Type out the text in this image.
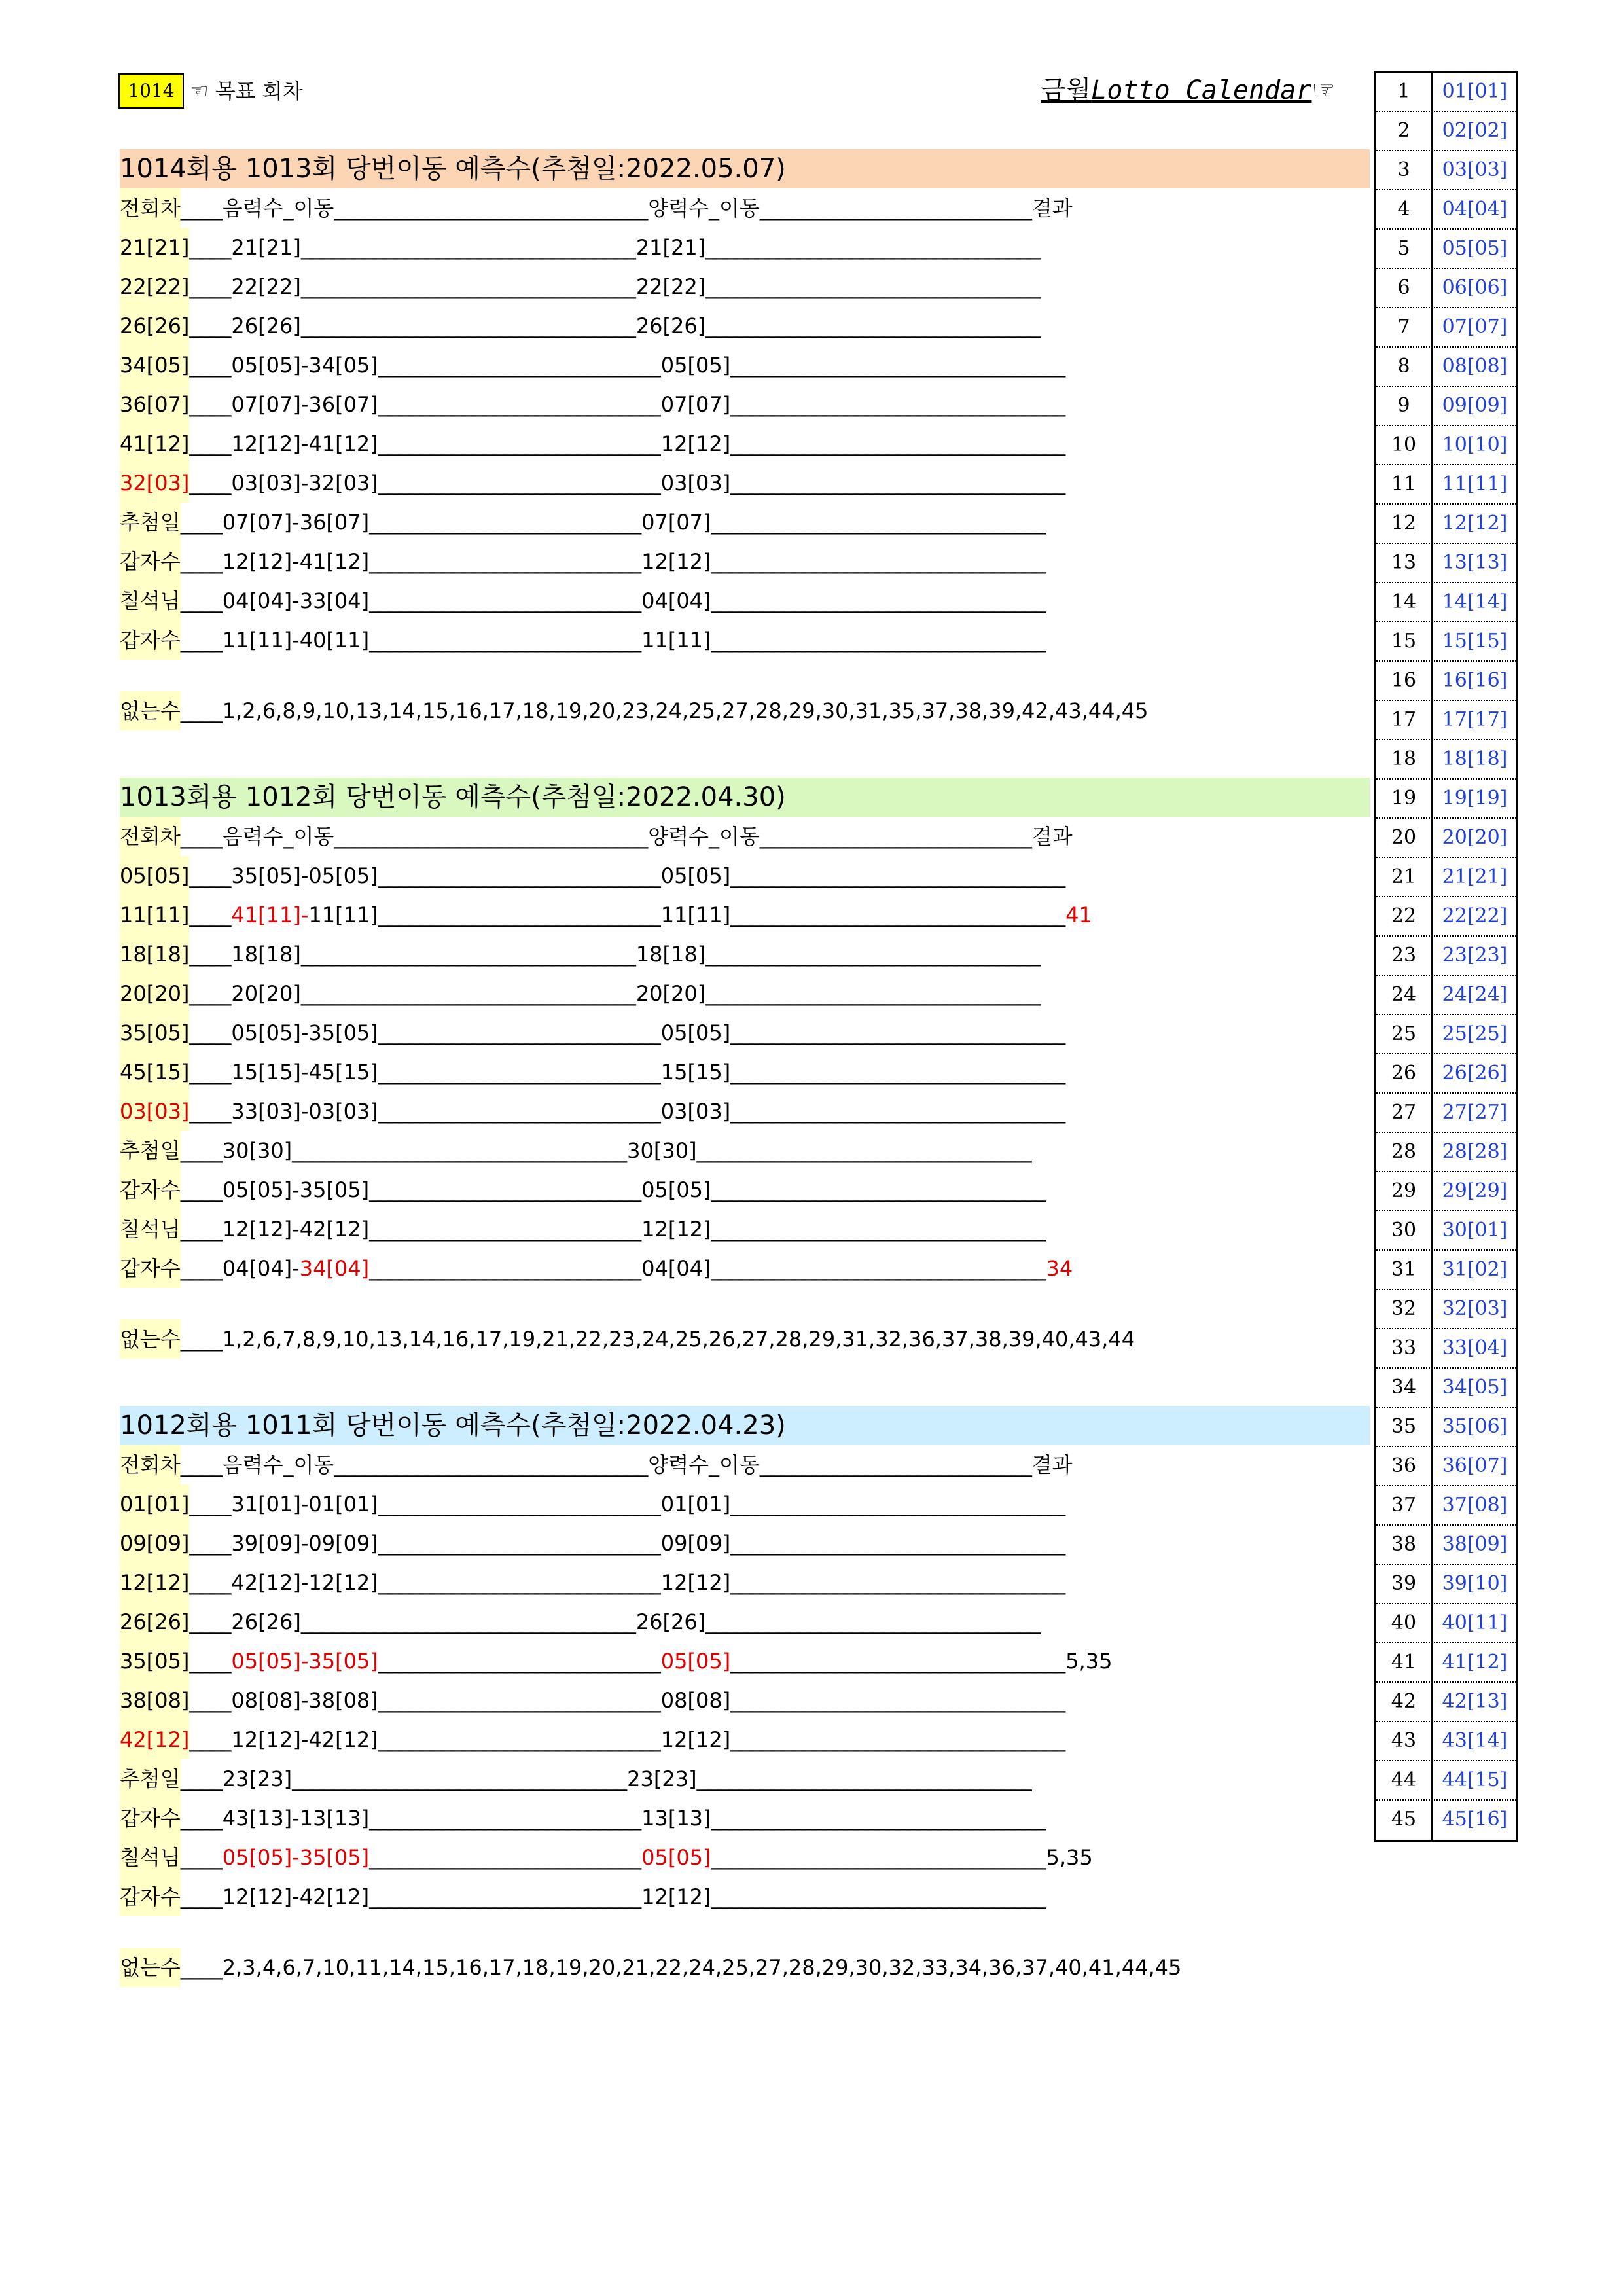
1014 ☜ 목표 회차	금월Lotto Calendar☞
1014회용 1013회 당번이동 예측수(추첨일:2022.05.07)
전회차____음력수_이동______________________________양력수_이동__________________________결과
21[21]____21[21]________________________________21[21]________________________________
22[22]____22[22]________________________________22[22]________________________________
26[26]____26[26]________________________________26[26]________________________________
34[05]____05[05]-34[05]___________________________05[05]________________________________
36[07]____07[07]-36[07]___________________________07[07]________________________________
41[12]____12[12]-41[12]___________________________12[12]________________________________
32[03]____03[03]-32[03]___________________________03[03]________________________________
추첨일____07[07]-36[07]__________________________07[07]________________________________
갑자수____12[12]-41[12]__________________________12[12]________________________________
칠석님____04[04]-33[04]__________________________04[04]________________________________
갑자수____11[11]-40[11]__________________________11[11]________________________________
없는수____1,2,6,8,9,10,13,14,15,16,17,18,19,20,23,24,25,27,28,29,30,31,35,37,38,39,42,43,44,45
1013회용 1012회 당번이동 예측수(추첨일:2022.04.30)
전회차____음력수_이동______________________________양력수_이동__________________________결과
05[05]____35[05]-05[05]___________________________05[05]________________________________
11[11]____41[11]-11[11]___________________________11[11]________________________________41
18[18]____18[18]________________________________18[18]________________________________
20[20]____20[20]________________________________20[20]________________________________
35[05]____05[05]-35[05]___________________________05[05]________________________________
45[15]____15[15]-45[15]___________________________15[15]________________________________
03[03]____33[03]-03[03]___________________________03[03]________________________________
추첨일____30[30]________________________________30[30]________________________________
갑자수____05[05]-35[05]__________________________05[05]________________________________
칠석님____12[12]-42[12]__________________________12[12]________________________________
갑자수____04[04]-34[04]__________________________04[04]________________________________34
없는수____1,2,6,7,8,9,10,13,14,16,17,19,21,22,23,24,25,26,27,28,29,31,32,36,37,38,39,40,43,44
1012회용 1011회 당번이동 예측수(추첨일:2022.04.23)
전회차____음력수_이동______________________________양력수_이동__________________________결과
01[01]____31[01]-01[01]___________________________01[01]________________________________
09[09]____39[09]-09[09]___________________________09[09]________________________________
12[12]____42[12]-12[12]___________________________12[12]________________________________
26[26]____26[26]________________________________26[26]________________________________
35[05]____05[05]-35[05]___________________________05[05]________________________________5,35
38[08]____08[08]-38[08]___________________________08[08]________________________________
42[12]____12[12]-42[12]___________________________12[12]________________________________
추첨일____23[23]________________________________23[23]________________________________
갑자수____43[13]-13[13]__________________________13[13]________________________________
칠석님____05[05]-35[05]__________________________05[05]________________________________5,35
갑자수____12[12]-42[12]__________________________12[12]________________________________
없는수____2,3,4,6,7,10,11,14,15,16,17,18,19,20,21,22,24,25,27,28,29,30,32,33,34,36,37,40,41,44,45
1	01[01]
2	02[02]
3	03[03]
4	04[04]
5	05[05]
6	06[06]
7	07[07]
8	08[08]
9	09[09]
10	10[10]
11	11[11]
12	12[12]
13	13[13]
14	14[14]
15	15[15]
16	16[16]
17	17[17]
18	18[18]
19	19[19]
20	20[20]
21	21[21]
22	22[22]
23	23[23]
24	24[24]
25	25[25]
26	26[26]
27	27[27]
28	28[28]
29	29[29]
30	30[01]
31	31[02]
32	32[03]
33	33[04]
34	34[05]
35	35[06]
36	36[07]
37	37[08]
38	38[09]
39	39[10]
40	40[11]
41	41[12]
42	42[13]
43	43[14]
44	44[15]
45	45[16]
